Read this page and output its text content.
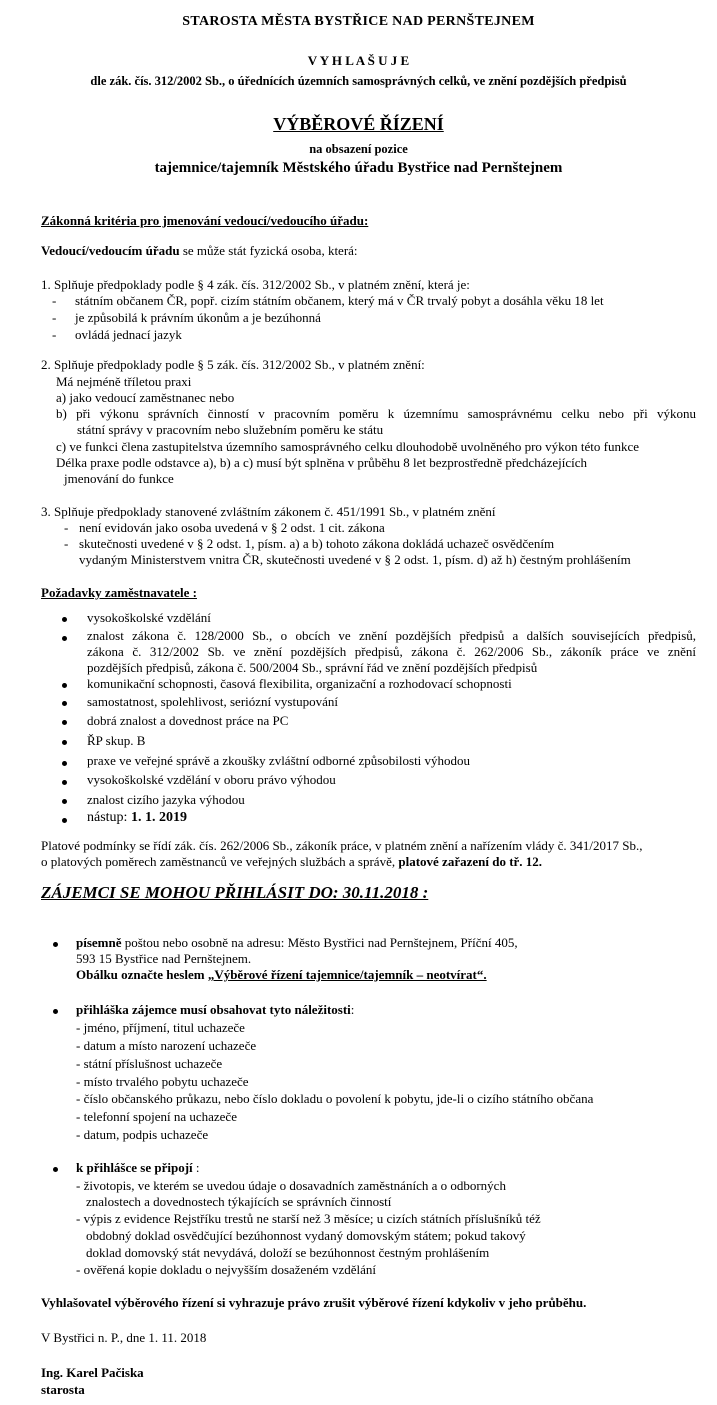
STAROSTA MĚSTA BYSTŘICE NAD PERNŠTEJNEM
V Y H L A Š U J E
dle zák. čís. 312/2002 Sb., o úřednících územních samosprávných celků, ve znění pozdějších předpisů
VÝBĚROVÉ ŘÍZENÍ
na obsazení pozice
tajemnice/tajemník Městského úřadu Bystřice nad Pernštejnem
Zákonná kritéria pro jmenování vedoucí/vedoucího úřadu:
Vedoucí/vedoucím úřadu se může stát fyzická osoba, která:
1. Splňuje předpoklady podle § 4 zák. čís. 312/2002 Sb., v platném znění, která je:
- státním občanem ČR, popř. cizím státním občanem, který má v ČR trvalý pobyt a dosáhla věku 18 let
- je způsobilá k právním úkonům a je bezúhonná
- ovládá jednací jazyk
2. Splňuje předpoklady podle § 5 zák. čís. 312/2002 Sb., v platném znění:
Má nejméně tříletou praxi
a) jako vedoucí zaměstnanec nebo
b) při výkonu správních činností v pracovním poměru k územnímu samosprávnému celku nebo při výkonu
státní správy v pracovním nebo služebním poměru ke státu
c) ve funkci člena zastupitelstva územního samosprávného celku dlouhodobě uvolněného pro výkon této funkce
Délka praxe podle odstavce a), b) a c) musí být splněna v průběhu 8 let bezprostředně předcházejících
jmenování do funkce
3. Splňuje předpoklady stanovené zvláštním zákonem č. 451/1991 Sb., v platném znění
- není evidován jako osoba uvedená v § 2 odst. 1 cit. zákona
- skutečnosti uvedené v § 2 odst. 1, písm. a) a b) tohoto zákona dokládá uchazeč osvědčením
vydaným Ministerstvem vnitra ČR, skutečnosti uvedené v § 2 odst. 1, písm. d) až h) čestným prohlášením
Požadavky zaměstnavatele :
vysokoškolské vzdělání
znalost zákona č. 128/2000 Sb., o obcích ve znění pozdějších předpisů a dalších souvisejících předpisů,
zákona č. 312/2002 Sb. ve znění pozdějších předpisů, zákona č. 262/2006 Sb., zákoník práce ve znění
pozdějších předpisů, zákona č. 500/2004 Sb., správní řád ve znění pozdějších předpisů
komunikační schopnosti, časová flexibilita, organizační a rozhodovací schopnosti
samostatnost, spolehlivost, seriózní vystupování
dobrá znalost a dovednost práce na PC
ŘP skup. B
praxe ve veřejné správě a zkoušky zvláštní odborné způsobilosti výhodou
vysokoškolské vzdělání v oboru právo výhodou
znalost cizího jazyka výhodou
nástup: 1. 1. 2019
Platové podmínky se řídí zák. čís. 262/2006 Sb., zákoník práce, v platném znění a nařízením vlády č. 341/2017 Sb.,
o platových poměrech zaměstnanců ve veřejných službách a správě, platové zařazení do tř. 12.
ZÁJEMCI SE MOHOU PŘIHLÁSIT DO: 30.11.2018 :
písemně poštou nebo osobně na adresu: Město Bystřici nad Pernštejnem, Příční 405,
593 15 Bystřice nad Pernštejnem.
Obálku označte heslem „Výběrové řízení tajemnice/tajemník – neotvírat“.
přihláška zájemce musí obsahovat tyto náležitosti:
- jméno, příjmení, titul uchazeče
- datum a místo narození uchazeče
- státní příslušnost uchazeče
- místo trvalého pobytu uchazeče
- číslo občanského průkazu, nebo číslo dokladu o povolení k pobytu, jde-li o cizího státního občana
- telefonní spojení na uchazeče
- datum, podpis uchazeče
k přihlášce se připojí :
- životopis, ve kterém se uvedou údaje o dosavadních zaměstnáních a o odborných
znalostech a dovednostech týkajících se správních činností
- výpis z evidence Rejstříku trestů ne starší než 3 měsíce; u cizích státních příslušníků též
obdobný doklad osvědčující bezúhonnost vydaný domovským státem; pokud takový
doklad domovský stát nevydává, doloží se bezúhonnost čestným prohlášením
- ověřená kopie dokladu o nejvyšším dosaženém vzdělání
Vyhlašovatel výběrového řízení si vyhrazuje právo zrušit výběrové řízení kdykoliv v jeho průběhu.
V Bystřici n. P., dne 1. 11. 2018
Ing. Karel Pačiska
starosta
